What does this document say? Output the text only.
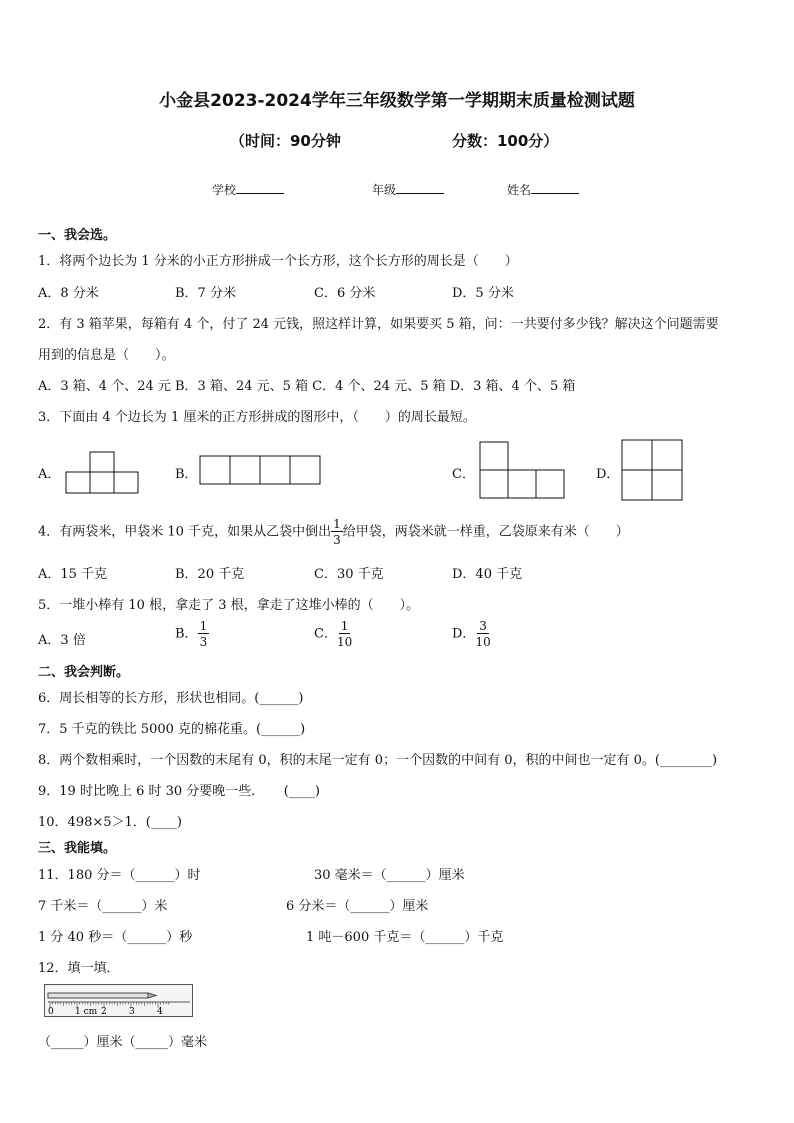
小金县2023-2024学年三年级数学第一学期期末质量检测试题
（时间：90分钟	分数：100分）
学校	年级	姓名
一、我会选。
1．将两个边长为 1 分米的小正方形拼成一个长方形，这个长方形的周长是（　　）
A．8 分米	B．7 分米	C．6 分米	D．5 分米
2．有 3 箱苹果，每箱有 4 个，付了 24 元钱，照这样计算，如果要买 5 箱，问：一共要付多少钱？解决这个问题需要
用到的信息是（　　）。
A．3 箱、4 个、24 元 B．3 箱、24 元、5 箱 C．4 个、24 元、5 箱 D．3 箱、4 个、5 箱
3．下面由 4 个边长为 1 厘米的正方形拼成的图形中，（　　）的周长最短。
A．	B．	C．	D．
4．有两袋米，甲袋米 10 千克，如果从乙袋中倒出 $\frac{1}{3}$ 给甲袋，两袋米就一样重，乙袋原来有米（　　）
A．15 千克	B．20 千克	C．30 千克	D．40 千克
5．一堆小棒有 10 根，拿走了 3 根，拿走了这堆小棒的（　　）。
A．3 倍	B． $\frac{1}{3}$	C． $\frac{1}{10}$	D． $\frac{3}{10}$
二、我会判断。
6．周长相等的长方形，形状也相同。(______)
7．5 千克的铁比 5000 克的棉花重。(______)
8．两个数相乘时，一个因数的末尾有 0，积的末尾一定有 0；一个因数的中间有 0，积的中间也一定有 0。(________)
9．19 时比晚上 6 时 30 分要晚一些．　　(____)
10．498×5＞1．(____)
三、我能填。
11．180 分＝（______）时	30 毫米＝（______）厘米
7 千米＝（______）米	6 分米＝（______）厘米
1 分 40 秒＝（______）秒	1 吨－600 千克＝（______）千克
12．填一填．
0 1 cm 2 3 4
（_____）厘米（_____）毫米
